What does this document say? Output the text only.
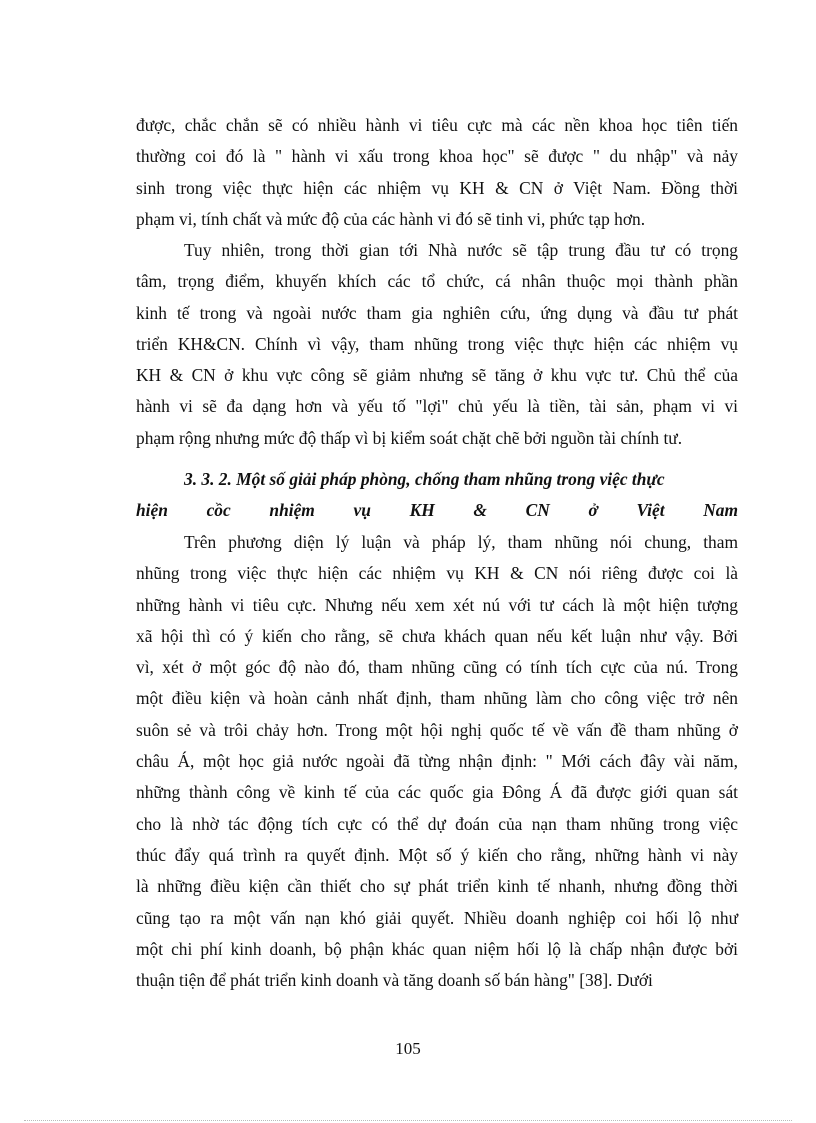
được, chắc chắn sẽ có nhiều hành vi tiêu cực mà các nền khoa học tiên tiến
thường coi đó là " hành vi xấu trong khoa học" sẽ được " du nhập" và nảy
sinh trong việc thực hiện các nhiệm vụ KH & CN ở Việt Nam. Đồng thời
phạm vi, tính chất và mức độ của các hành vi đó sẽ tinh vi, phức tạp hơn.
Tuy nhiên, trong thời gian tới Nhà nước sẽ tập trung đầu tư có trọng
tâm, trọng điểm, khuyến khích các tổ chức, cá nhân thuộc mọi thành phần
kinh tế trong và ngoài nước tham gia nghiên cứu, ứng dụng và đầu tư phát
triển KH&CN. Chính vì vậy, tham nhũng trong việc thực hiện các nhiệm vụ
KH & CN ở khu vực công sẽ giảm nhưng sẽ tăng ở khu vực tư. Chủ thể của
hành vi sẽ đa dạng hơn và yếu tố "lợi" chủ yếu là tiền, tài sản, phạm vi vi
phạm rộng nhưng mức độ thấp vì bị kiểm soát chặt chẽ bởi nguồn tài chính tư.
3. 3. 2. Một số giải pháp phòng, chống tham nhũng trong việc thực
hiện cồc nhiệm vụ KH & CN ở Việt Nam
Trên phương diện lý luận và pháp lý, tham nhũng nói chung, tham
nhũng trong việc thực hiện các nhiệm vụ KH & CN nói riêng được coi là
những hành vi tiêu cực. Nhưng nếu xem xét nú với tư cách là một hiện tượng
xã hội thì có ý kiến cho rằng, sẽ chưa khách quan nếu kết luận như vậy. Bởi
vì, xét ở một góc độ nào đó, tham nhũng cũng có tính tích cực của nú. Trong
một điều kiện và hoàn cảnh nhất định, tham nhũng làm cho công việc trở nên
suôn sẻ và trôi chảy hơn. Trong một hội nghị quốc tế về vấn đề tham nhũng ở
châu Á, một học giả nước ngoài đã từng nhận định: " Mới cách đây vài năm,
những thành công về kinh tế của các quốc gia Đông Á đã được giới quan sát
cho là nhờ tác động tích cực có thể dự đoán của nạn tham nhũng trong việc
thúc đẩy quá trình ra quyết định. Một số ý kiến cho rằng, những hành vi này
là những điều kiện cần thiết cho sự phát triển kinh tế nhanh, nhưng đồng thời
cũng tạo ra một vấn nạn khó giải quyết. Nhiều doanh nghiệp coi hối lộ như
một chi phí kinh doanh, bộ phận khác quan niệm hối lộ là chấp nhận được bởi
thuận tiện để phát triển kinh doanh và tăng doanh số bán hàng" [38]. Dưới
105
